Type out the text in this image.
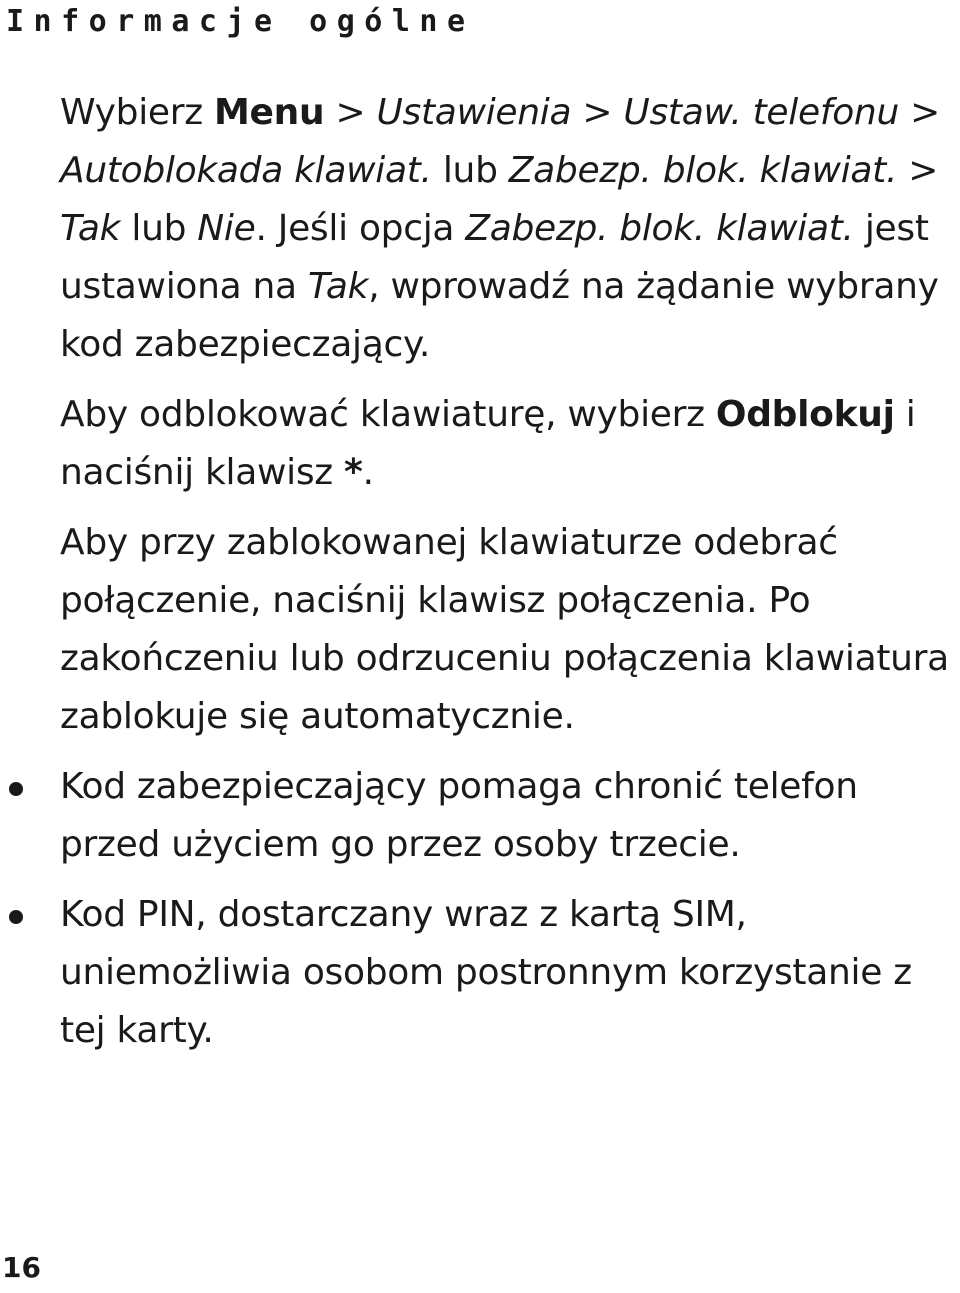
Informacje ogólne

Wybierz Menu > Ustawienia > Ustaw. telefonu > Autoblokada klawiat. lub Zabezp. blok. klawiat. > Tak lub Nie. Jeśli opcja Zabezp. blok. klawiat. jest ustawiona na Tak, wprowadź na żądanie wybrany kod zabezpieczający.

Aby odblokować klawiaturę, wybierz Odblokuj i naciśnij klawisz *.

Aby przy zablokowanej klawiaturze odebrać połączenie, naciśnij klawisz połączenia. Po zakończeniu lub odrzuceniu połączenia klawiatura zablokuje się automatycznie.

Kod zabezpieczający pomaga chronić telefon przed użyciem go przez osoby trzecie.

Kod PIN, dostarczany wraz z kartą SIM, uniemożliwia osobom postronnym korzystanie z tej karty.

16
